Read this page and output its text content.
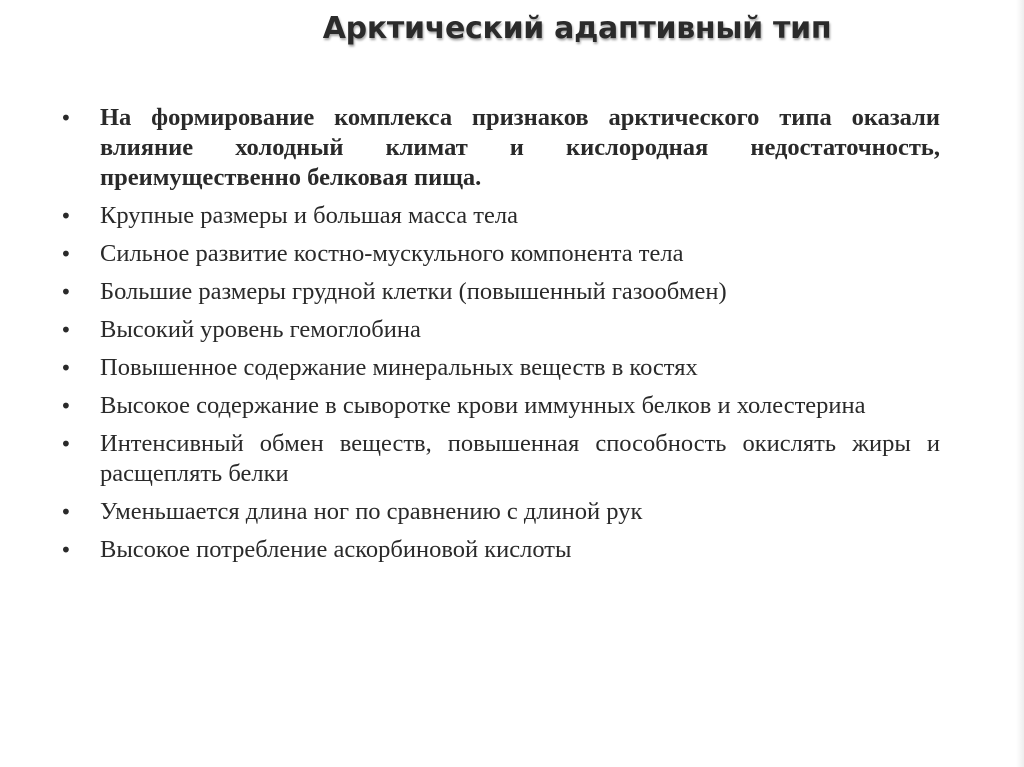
Арктический адаптивный тип
•	На формирование комплекса признаков арктического типа оказали влияние холодный климат и кислородная недостаточность, преимущественно белковая пища.
•	Крупные размеры и большая масса тела
•	Сильное развитие костно-мускульного компонента тела
•	Большие размеры грудной клетки (повышенный газообмен)
•	Высокий уровень гемоглобина
•	Повышенное содержание минеральных веществ в костях
•	Высокое содержание в сыворотке крови иммунных белков и холестерина
•	Интенсивный обмен веществ, повышенная способность окислять жиры и расщеплять белки
•	Уменьшается длина ног по сравнению с длиной рук
•	Высокое потребление аскорбиновой кислоты
